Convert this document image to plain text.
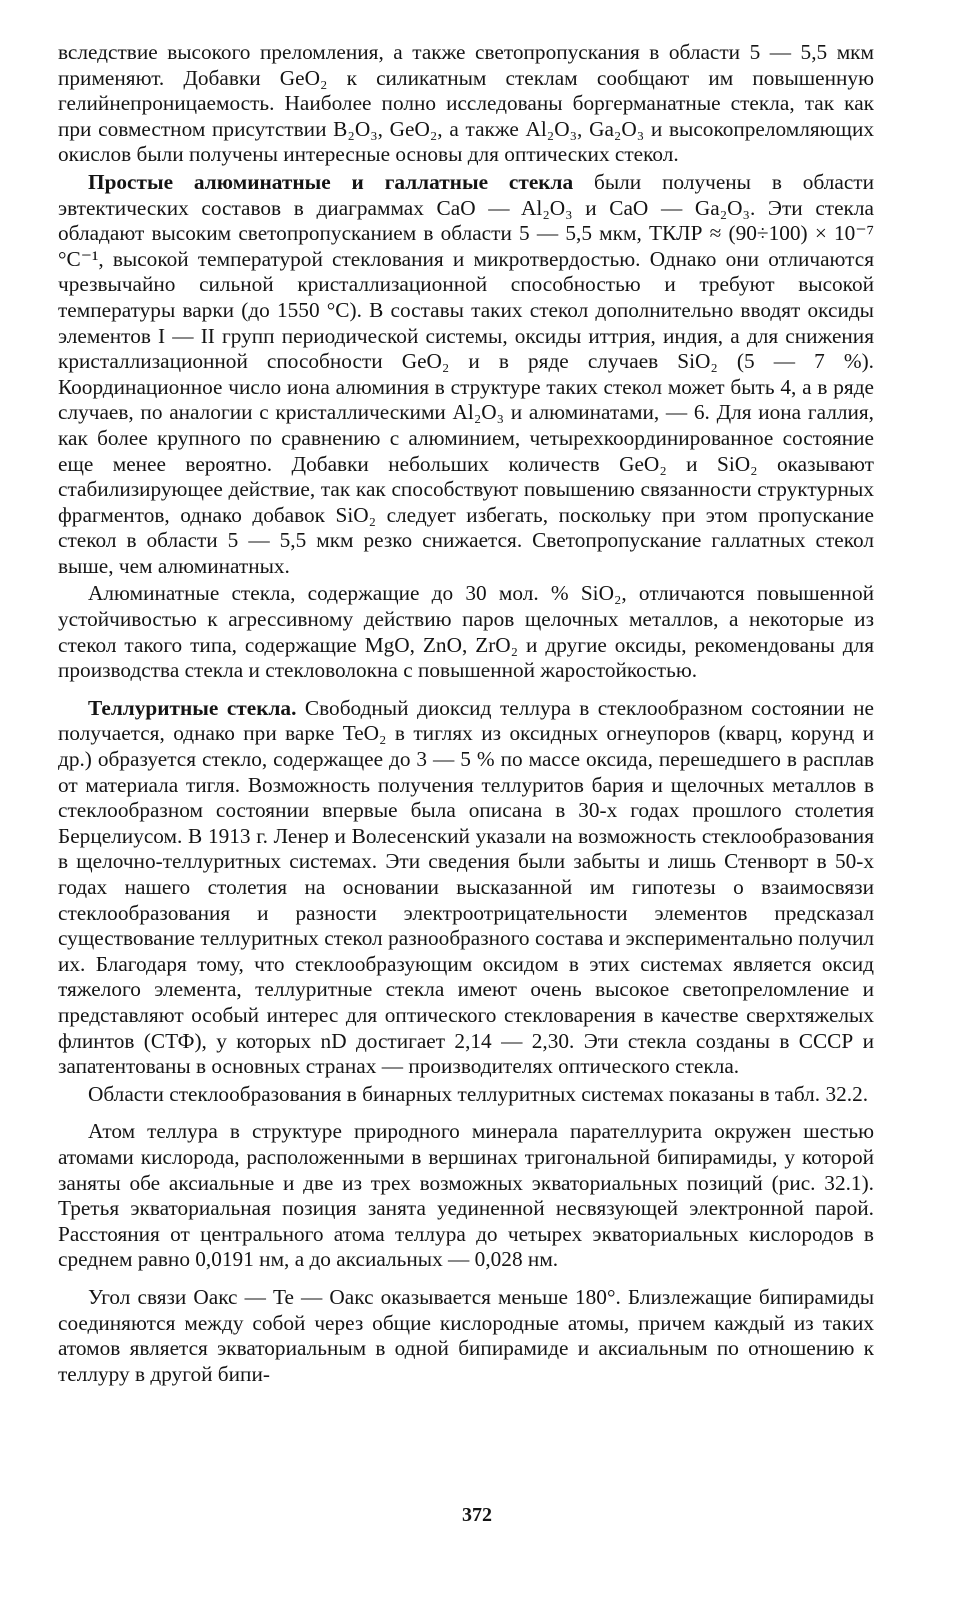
вследствие высокого преломления, а также светопропускания в области 5 — 5,5 мкм применяют. Добавки GeO₂ к силикатным стеклам сообщают им повышенную гелийнепроницаемость. Наиболее полно исследованы боргерманатные стекла, так как при совместном присутствии B₂O₃, GeO₂, а также Al₂O₃, Ga₂O₃ и высокопреломляющих окислов были получены интересные основы для оптических стекол.

Простые алюминатные и галлатные стекла были получены в области эвтектических составов в диаграммах CaO — Al₂O₃ и CaO — Ga₂O₃. Эти стекла обладают высоким светопропусканием в области 5 — 5,5 мкм, ТКЛР ≈ (90÷100) × 10⁻⁷ °C⁻¹, высокой температурой стеклования и микротвердостью. Однако они отличаются чрезвычайно сильной кристаллизационной способностью и требуют высокой температуры варки (до 1550 °C). В составы таких стекол дополнительно вводят оксиды элементов I — II групп периодической системы, оксиды иттрия, индия, а для снижения кристаллизационной способности GeO₂ и в ряде случаев SiO₂ (5 — 7 %). Координационное число иона алюминия в структуре таких стекол может быть 4, а в ряде случаев, по аналогии с кристаллическими Al₂O₃ и алюминатами, — 6. Для иона галлия, как более крупного по сравнению с алюминием, четырехкоординированное состояние еще менее вероятно. Добавки небольших количеств GeO₂ и SiO₂ оказывают стабилизирующее действие, так как способствуют повышению связанности структурных фрагментов, однако добавок SiO₂ следует избегать, поскольку при этом пропускание стекол в области 5 — 5,5 мкм резко снижается. Светопропускание галлатных стекол выше, чем алюминатных.

Алюминатные стекла, содержащие до 30 мол. % SiO₂, отличаются повышенной устойчивостью к агрессивному действию паров щелочных металлов, а некоторые из стекол такого типа, содержащие MgO, ZnO, ZrO₂ и другие оксиды, рекомендованы для производства стекла и стекловолокна с повышенной жаростойкостью.

Теллуритные стекла. Свободный диоксид теллура в стеклообразном состоянии не получается, однако при варке TeO₂ в тиглях из оксидных огнеупоров (кварц, корунд и др.) образуется стекло, содержащее до 3 — 5 % по массе оксида, перешедшего в расплав от материала тигля. Возможность получения теллуритов бария и щелочных металлов в стеклообразном состоянии впервые была описана в 30-х годах прошлого столетия Берцелиусом. В 1913 г. Ленер и Волесенский указали на возможность стеклообразования в щелочно-теллуритных системах. Эти сведения были забыты и лишь Стенворт в 50-х годах нашего столетия на основании высказанной им гипотезы о взаимосвязи стеклообразования и разности электроотрицательности элементов предсказал существование теллуритных стекол разнообразного состава и экспериментально получил их. Благодаря тому, что стеклообразующим оксидом в этих системах является оксид тяжелого элемента, теллуритные стекла имеют очень высокое светопреломление и представляют особый интерес для оптического стекловарения в качестве сверхтяжелых флинтов (СТФ), у которых nD достигает 2,14 — 2,30. Эти стекла созданы в СССР и запатентованы в основных странах — производителях оптического стекла.

Области стеклообразования в бинарных теллуритных системах показаны в табл. 32.2.

Атом теллура в структуре природного минерала парателлурита окружен шестью атомами кислорода, расположенными в вершинах тригональной бипирамиды, у которой заняты обе аксиальные и две из трех возможных экваториальных позиций (рис. 32.1). Третья экваториальная позиция занята уединенной несвязующей электронной парой. Расстояния от центрального атома теллура до четырех экваториальных кислородов в среднем равно 0,0191 нм, а до аксиальных — 0,028 нм.

Угол связи Oакс — Te — Oакс оказывается меньше 180°. Близлежащие бипирамиды соединяются между собой через общие кислородные атомы, причем каждый из таких атомов является экваториальным в одной бипирамиде и аксиальным по отношению к теллуру в другой бипи-

372
